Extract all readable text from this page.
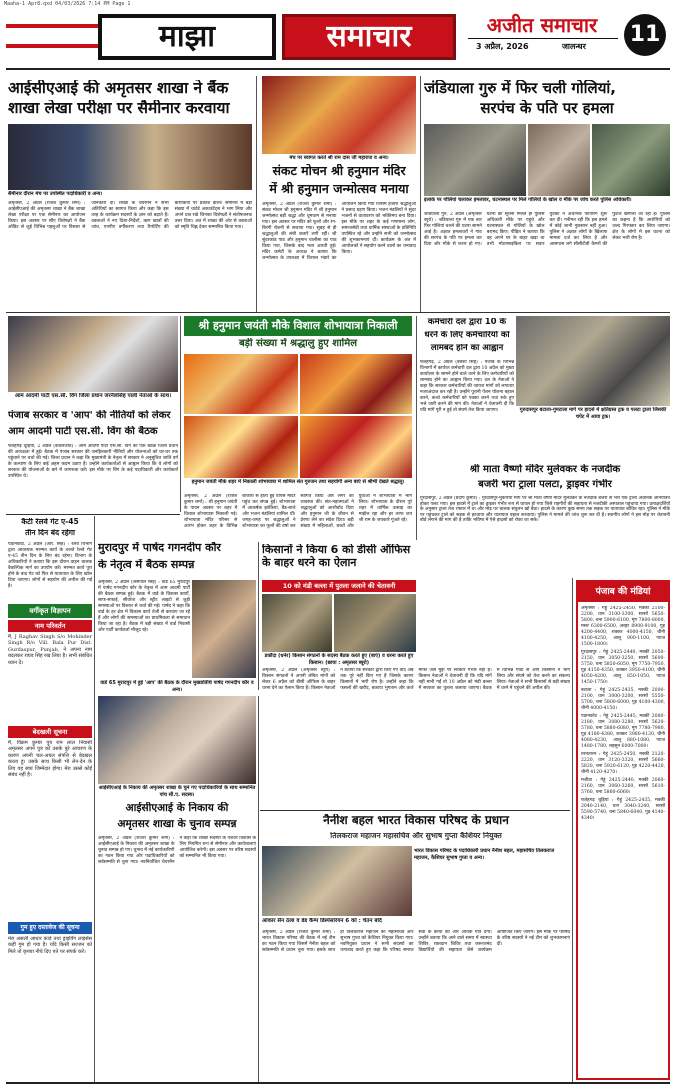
Maaha-1 Apr8.qxd 04/03/2026 7:14 PM Page 1
माझा	समाचार	अजीत समाचार
3 अप्रैल, 2026	जालन्धर	11
आईसीएआई की अमृतसर शाखा ने बैंक
शाखा लेखा परीक्षा पर सैमीनार करवाया
सैमीनार दौरान मंच पर उपस्थित पदाधिकारी व अन्य।
अमृतसर, 2 अप्रैल (राजेश कुमार शर्मा) : आईसीएआई की अमृतसर शाखा ने बैंक शाखा लेखा परीक्षा पर एक सेमीनार का आयोजन किया। इस अवसर पर सीए विशेषज्ञों ने बैंक ऑडिट से जुड़े विभिन्न पहलुओं पर विस्तार से जानकारी दी। शाखा के चेयरमैन ने सभी अतिथियों का स्वागत किया और कहा कि इस तरह के कार्यक्रम सदस्यों के ज्ञान को बढ़ाते हैं। वक्ताओं ने नए दिशा-निर्देशों, ऋण खातों की जांच, एनपीए वर्गीकरण तथा रिपोर्टिंग की बारीकियों पर प्रकाश डाला। सेमीनार में बड़ी संख्या में चार्टर्ड अकाउंटेंट्स ने भाग लिया और अपने प्रश्न रखे जिनका विशेषज्ञों ने संतोषजनक उत्तर दिया। अंत में शाखा की ओर से वक्ताओं को स्मृति चिह्न देकर सम्मानित किया गया।
मंच पर स्वागत करते श्री राम दास जी महाराज व अन्य।
संकट मोचन श्री हनुमान मंदिर
में श्री हनुमान जन्मोत्सव मनाया
अमृतसर, 2 अप्रैल (राजेश कुमार शर्मा) : संकट मोचन श्री हनुमान मंदिर में श्री हनुमान जन्मोत्सव बड़ी श्रद्धा और धूमधाम से मनाया गया। इस अवसर पर मंदिर को फूलों और रंग-बिरंगी रोशनी से सजाया गया। सुबह से ही श्रद्धालुओं की लंबी कतारें लगी रहीं। श्री सुंदरकांड पाठ और हनुमान चालीसा का पाठ किया गया, जिसके बाद भव्य आरती हुई। मंदिर कमेटी के अध्यक्ष ने बताया कि जन्मोत्सव के उपलक्ष्य में विशाल भंडारे का आयोजन किया गया जिसमें हजारों श्रद्धालुओं ने प्रसाद ग्रहण किया। भजन मंडलियों ने सुंदर भजनों से वातावरण को भक्तिमय बना दिया। इस मौके पर शहर के कई गणमान्य लोग, समाजसेवी तथा धार्मिक संस्थाओं के प्रतिनिधि उपस्थित रहे और उन्होंने सभी को जन्मोत्सव की शुभकामनाएं दीं। कार्यक्रम के अंत में आयोजकों ने सहयोग करने वालों का धन्यवाद किया।
जंडियाला गुरु में फिर चली गोलियां,
सरपंच के पति पर हमला
इलाके पर गोलियां चलाकर हमलावर, घटनास्थल पर मिले गोलियों के खोल व मौके पर जांच करते पुलिस अधिकारी।
जंडियाला गुरु, 2 अप्रैल (अमृतसर ब्यूरो) : जंडियाला गुरु में एक बार फिर गोलियां चलने की घटना सामने आई है। अज्ञात हमलावरों ने गांव की सरपंच के पति पर हमला कर दिया और मौके से फरार हो गए। घटना की सूचना मिलते ही पुलिस अधिकारी मौके पर पहुंचे और घटनास्थल से गोलियों के खोल बरामद किए। पीड़ित ने बताया कि वह अपने घर के बाहर खड़ा था तभी मोटरसाइकिल पर सवार युवकों ने अचानक फायरिंग शुरू कर दी। गनीमत रही कि इस हमले में कोई जानी नुकसान नहीं हुआ। पुलिस ने अज्ञात लोगों के खिलाफ मामला दर्ज कर लिया है और आसपास लगे सीसीटीवी कैमरों की फुटेज खंगाली जा रही है। पुलिस का कहना है कि आरोपियों को जल्द गिरफ्तार कर लिया जाएगा। क्षेत्र के लोगों में इस घटना को लेकर भारी रोष है।
आम आदमी पार्टी एस.सी. विंग जिला प्रधान जरनैलसिंह पाली नेताओं के साथ।
पंजाब सरकार व 'आप' की नीतियों को लेकर
आम आदमी पार्टी एस.सी. विंग की बैठक
फतेहगढ़ चूड़ियां, 2 अप्रैल (कंवलजीत) : आम आदमी पार्टी एस.सी. विंग की एक बैठक जिला प्रधान की अध्यक्षता में हुई। बैठक में पंजाब सरकार की जनहितकारी नीतियों और योजनाओं को घर-घर तक पहुंचाने पर चर्चा की गई। जिला प्रधान ने कहा कि मुख्यमंत्री के नेतृत्व में सरकार ने अनुसूचित जाति वर्ग के कल्याण के लिए कई अहम कदम उठाए हैं। उन्होंने कार्यकर्ताओं से आह्वान किया कि वे लोगों को सरकार की योजनाओं के बारे में जागरूक करें। इस मौके पर विंग के कई पदाधिकारी और कार्यकर्ता उपस्थित थे।
श्री हनुमान जयंती मौके विशाल शोभायात्रा निकाली
बड़ी संख्या में श्रद्धालु हुए शामिल
हनुमान जयंती मौके शहर में निकाली शोभायात्रा में शामिल संत गुरुजन तथा सहयोगी अन्य बाएं से श्रीभी देखते श्रद्धालु।
अमृतसर, 2 अप्रैल (राजेश कुमार शर्मा) : श्री हनुमान जयंती के पावन अवसर पर शहर में विशाल शोभायात्रा निकाली गई। शोभायात्रा मंदिर परिसर से आरंभ होकर शहर के विभिन्न बाजारों से होती हुई वापस मंदिर पहुंच कर संपन्न हुई। शोभायात्रा में आकर्षक झांकियां, बैंड-बाजे और भजन मंडलियां शामिल थीं। जगह-जगह पर श्रद्धालुओं ने शोभायात्रा का फूलों की वर्षा कर स्वागत किया और लंगर की व्यवस्था की। संत-महात्माओं ने श्रद्धालुओं को आशीर्वाद दिया और हनुमान जी के जीवन से प्रेरणा लेने का संदेश दिया। बड़ी संख्या में महिलाओं, बच्चों और युवाओं ने शोभायात्रा में भाग लिया। शोभायात्रा के दौरान पूरे शहर में धार्मिक उत्साह का माहौल रहा और हर तरफ जय श्री राम के जयकारे गूंजते रहे।
कर्मचारी दल द्वारा 10 के
धरने के लिए कर्मचारियों को
लामबंद होने का आह्वान
फतेहगढ़, 2 अप्रैल (बक्शी सिंह) : पंजाब के विभिन्न विभागों में कार्यरत कर्मचारी दल द्वारा 10 अप्रैल को मुख्य कार्यालय के सामने होने वाले धरने के लिए कर्मचारियों को लामबंद होने का आह्वान किया गया। दल के नेताओं ने कहा कि सरकार कर्मचारियों की जायज मांगों को लगातार नजरअंदाज कर रही है। उन्होंने पुरानी पेंशन योजना बहाल करने, कच्चे कर्मचारियों को पक्का करने तथा रुके हुए भत्ते जारी करने की मांग की। नेताओं ने चेतावनी दी कि यदि मांगें पूरी न हुईं तो संघर्ष तेज किया जाएगा।	गुरुदासपुर बटाला-गुमटाला मार्ग पर हादसे में क्षतिग्रस्त ट्रक व पलटा ट्राला जिसकी चपेट में आया ट्रक।
श्री माता वैष्णो मंदिर मुलेवकर के नजदीक
बजरी भरा ट्राला पलटा, ड्राइवर गंभीर
गुरदासपुर, 2 अप्रैल (प्रदीप कुमार) : गुरदासपुर-मुकेरियां मार्ग पर श्री माता वैष्णो मंदिर मुलेवकर के नजदीक बजरी से भरा एक ट्राला अचानक अनियंत्रित होकर पलट गया। इस हादसे में ट्राले का ड्राइवर गंभीर रूप से घायल हो गया जिसे राहगीरों की सहायता से नजदीकी अस्पताल पहुंचाया गया। प्रत्यक्षदर्शियों के अनुसार ट्राला तेज रफ्तार में था और मोड़ पर चालक संतुलन खो बैठा। हादसे के कारण कुछ समय तक सड़क पर यातायात बाधित रहा। पुलिस ने मौके पर पहुंचकर ट्राले को सड़क से हटवाया और यातायात बहाल करवाया। पुलिस ने मामले की जांच शुरू कर दी है। स्थानीय लोगों ने इस मोड़ पर चेतावनी बोर्ड लगाने की मांग की है ताकि भविष्य में ऐसे हादसों को रोका जा सके।
कैटी रेलवे गेट ए-45
तीन दिन बंद रहेगा
पठानकोट, 2 अप्रैल (आर. सिंह) : रेलवे विभाग द्वारा आवश्यक मरम्मत कार्य के चलते रेलवे गेट ए-45 तीन दिन के लिए बंद रहेगा। विभाग के अधिकारियों ने बताया कि इस दौरान वाहन चालक वैकल्पिक मार्ग का उपयोग करें। मरम्मत कार्य पूरा होने के बाद गेट को फिर से यातायात के लिए खोल दिया जाएगा। लोगों से सहयोग की अपील की गई है।
वर्गीकृत विज्ञापन
नाम परिवर्तन
मैं, J Raghav Singh S/o Mohinder Singh R/o Vill. Bala Pur Dist. Gurdaspur, Punjab, ने अपना नाम बदलकर राघव सिंह रख लिया है। सभी संबंधित ध्यान दें।
बेदखली सूचना
मैं, विक्रम कुमार पुत्र राम लाल निवासी अमृतसर अपने पुत्र को उसके बुरे आचरण के कारण अपनी चल-अचल संपत्ति से बेदखल करता हूं। उसके साथ किसी भी लेन-देन के लिए वह स्वयं जिम्मेदार होगा। मेरा उससे कोई संबंध नहीं है।
गुम हुए दस्तावेज की सूचना
मेरा असली आधार कार्ड तथा ड्राइविंग लाइसेंस कहीं गुम हो गया है। यदि किसी सज्जन को मिले तो कृपया नीचे दिए पते पर संपर्क करें।
मुरादपुर में पार्षद गगनदीप कौर
के नेतृत्व में बैठक सम्पन्न
अमृतसर, 2 अप्रैल (जसपाल सिंह) : वार्ड 65 मुरादपुर में पार्षद गगनदीप कौर के नेतृत्व में आम आदमी पार्टी की बैठक सम्पन्न हुई। बैठक में वार्ड के विकास कार्यों, साफ-सफाई, सीवरेज और स्ट्रीट लाइटों से जुड़ी समस्याओं पर विस्तार से चर्चा की गई। पार्षद ने कहा कि वार्ड के हर क्षेत्र में विकास कार्य तेजी से करवाए जा रहे हैं और लोगों की समस्याओं का प्राथमिकता से समाधान किया जा रहा है। बैठक में बड़ी संख्या में वार्ड निवासी और पार्टी कार्यकर्ता मौजूद रहे।
वार्ड 65 मुरादपुर में हुई 'आप' की बैठक के दौरान मुख्यातिथि पार्षद गगनदीप कौर व अन्य।
किसानों ने किया 6 को डीसी ऑफिस के बाहर धरने का ऐलान
10 को मंडी बल्ला में पुतला जलाने की चेतावनी
डकौंदा (धनेर) किसान संगठनों के सदस्य बैठक करते हुए (बाएं) व धरना करते हुए किसान। (छाया : अमृतसर ब्यूरो)
अमृतसर, 2 अप्रैल (अमृतसर ब्यूरो) : किसान संगठनों ने अपनी लंबित मांगों को लेकर 6 अप्रैल को डीसी ऑफिस के बाहर धरना देने का ऐलान किया है। किसान नेताओं ने बताया कि सरकार द्वारा किए गए वादे अब तक पूरे नहीं किए गए हैं जिसके कारण किसानों में भारी रोष है। उन्होंने कहा कि फसलों की खरीद, बकाया भुगतान और कर्ज माफी जैसे मुद्दों पर सरकार गंभीर नहीं है। किसान नेताओं ने चेतावनी दी कि यदि मांगें नहीं मानी गईं तो 10 अप्रैल को मंडी बल्ला में सरकार का पुतला जलाया जाएगा। बैठक में विभिन्न गांवों से आए किसानों ने भाग लिया और संघर्ष को तेज करने का संकल्प लिया। नेताओं ने सभी किसानों से बड़ी संख्या में धरने में पहुंचने की अपील की।
पंजाब की मंडियां

अमृतसर : गेहूं 2425-2450, मक्की 2100-2200, धान 3100-3300, सरसों 5650-5800, चना 5900-6100, मूंग 7800-8000, मसर 6300-6500, अरहर 8900-9100, गुड़ 4200-4400, शक्कर 4000-4150, चीनी 4100-4250, आलू 900-1100, प्याज 1500-1800।

गुरदासपुर : गेहूं 2425-2440, मक्की 2050-2150, धान 3050-3250, सरसों 5600-5750, चना 5850-6050, मूंग 7750-7950, गुड़ 4150-4350, शक्कर 3950-4100, चीनी 4050-4200, आलू 850-1050, प्याज 1450-1750।

बटाला : गेहूं 2425-2435, मक्की 2000-2100, धान 3000-3200, सरसों 5550-5700, चना 5800-6000, गुड़ 4100-4300, चीनी 4000-4150।

पठानकोट : गेहूं 2425-2445, मक्की 2080-2180, धान 3080-3280, सरसों 5620-5780, चना 5880-6080, मूंग 7780-7980, गुड़ 4180-4380, शक्कर 3980-4130, चीनी 4080-4230, आलू 880-1080, प्याज 1480-1780, लहसुन 6000-7000।

तरनतारन : गेहूं 2425-2450, मक्की 2120-2220, धान 3120-3320, सरसों 5660-5820, चना 5920-6120, गुड़ 4220-4420, चीनी 4120-4270।

मजीठा : गेहूं 2425-2440, मक्की 2060-2160, धान 3060-3260, सरसों 5610-5760, चना 5860-6060।

फतेहगढ़ चूड़ियां : गेहूं 2425-2435, मक्की 2040-2140, धान 3040-3240, सरसों 5590-5740, चना 5840-6040, गुड़ 4140-4340।

आईसीएआई के निकाय की अमृतसर शाखा के चुने गए पदाधिकारियों के साथ सम्मानित पांच सी.ए. सदस्य।
आईसीएआई के निकाय की
अमृतसर शाखा के चुनाव सम्पन्न
अमृतसर, 2 अप्रैल (राजेश कुमार शर्मा) : आईसीएआई के निकाय की अमृतसर शाखा के चुनाव सम्पन्न हो गए। चुनाव में नई कार्यकारिणी का गठन किया गया और पदाधिकारियों को सर्वसम्मति से चुना गया। नवनिर्वाचित चेयरमैन ने कहा कि शाखा सदस्यों के पेशेवर विकास के लिए नियमित रूप से सेमीनार और कार्यशालाएं आयोजित करेगी। इस अवसर पर वरिष्ठ सदस्यों को सम्मानित भी किया गया।
नैनीश बहल भारत विकास परिषद के प्रधान
तिलकराज महाजन महासचिव और सुभाष गुप्ता कैशियर नियुक्त
भारत विकास परिषद के पदाधिकारी प्रधान नैनीश बहल, महासचिव तिलकराज महाजन, कैशियर सुभाष गुप्ता व अन्य।
ओंकार सैन ठेला व डेड कैम्प डिस्पेंसरियन 6 को : चेतन बदि
अमृतसर, 2 अप्रैल (राजेश कुमार शर्मा) : भारत विकास परिषद की बैठक में नई टीम का गठन किया गया जिसमें नैनीश बहल को सर्वसम्मति से प्रधान चुना गया। इसके साथ ही तिलकराज महाजन को महासचिव और सुभाष गुप्ता को कैशियर नियुक्त किया गया। नवनियुक्त प्रधान ने सभी सदस्यों का धन्यवाद करते हुए कहा कि परिषद समाज सेवा के कार्यों को और अधिक गति देगी। उन्होंने बताया कि आने वाले समय में स्वास्थ्य शिविर, रक्तदान शिविर तथा जरूरतमंद विद्यार्थियों की सहायता जैसे कार्यक्रम आयोजित किए जाएंगे। इस मौके पर परिषद के वरिष्ठ सदस्यों ने नई टीम को शुभकामनाएं दीं।
